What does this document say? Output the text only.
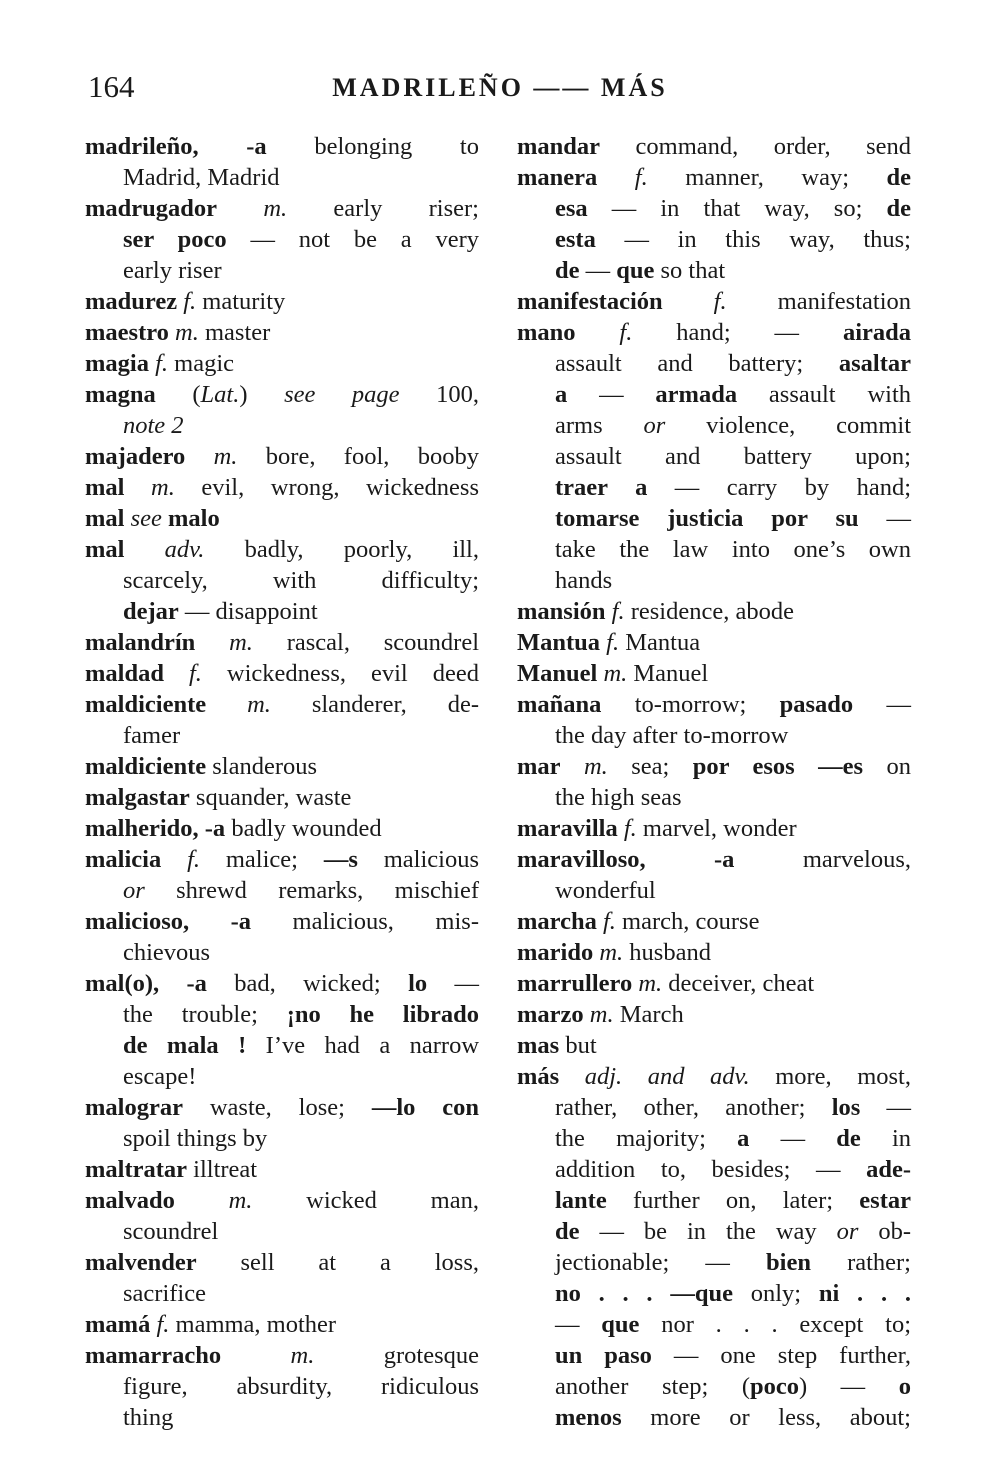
164	MADRILEÑO —— MÁS
madrileño, -a belonging to
Madrid, Madrid
madrugador m. early riser;
ser poco — not be a very
early riser
madurez f. maturity
maestro m. master
magia f. magic
magna (Lat.) see page 100,
note 2
majadero m. bore, fool, booby
mal m. evil, wrong, wickedness
mal see malo
mal adv. badly, poorly, ill,
scarcely, with difficulty;
dejar — disappoint
malandrín m. rascal, scoundrel
maldad f. wickedness, evil deed
maldiciente m. slanderer, de-
famer
maldiciente slanderous
malgastar squander, waste
malherido, -a badly wounded
malicia f. malice; —s malicious
or shrewd remarks, mischief
malicioso, -a malicious, mis-
chievous
mal(o), -a bad, wicked; lo —
the trouble; ¡no he librado
de mala ! I’ve had a narrow
escape!
malograr waste, lose; —lo con
spoil things by
maltratar illtreat
malvado m. wicked man,
scoundrel
malvender sell at a loss,
sacrifice
mamá f. mamma, mother
mamarracho m. grotesque
figure, absurdity, ridiculous
thing
mandar command, order, send
manera f. manner, way; de
esa — in that way, so; de
esta — in this way, thus;
de — que so that
manifestación f. manifestation
mano f. hand; — airada
assault and battery; asaltar
a — armada assault with
arms or violence, commit
assault and battery upon;
traer a — carry by hand;
tomarse justicia por su —
take the law into one’s own
hands
mansión f. residence, abode
Mantua f. Mantua
Manuel m. Manuel
mañana to-morrow; pasado —
the day after to-morrow
mar m. sea; por esos —es on
the high seas
maravilla f. marvel, wonder
maravilloso, -a marvelous,
wonderful
marcha f. march, course
marido m. husband
marrullero m. deceiver, cheat
marzo m. March
mas but
más adj. and adv. more, most,
rather, other, another; los —
the majority; a — de in
addition to, besides; — ade-
lante further on, later; estar
de — be in the way or ob-
jectionable; — bien rather;
no . . . —que only; ni . . .
— que nor . . . except to;
un paso — one step further,
another step; (poco) — o
menos more or less, about;
